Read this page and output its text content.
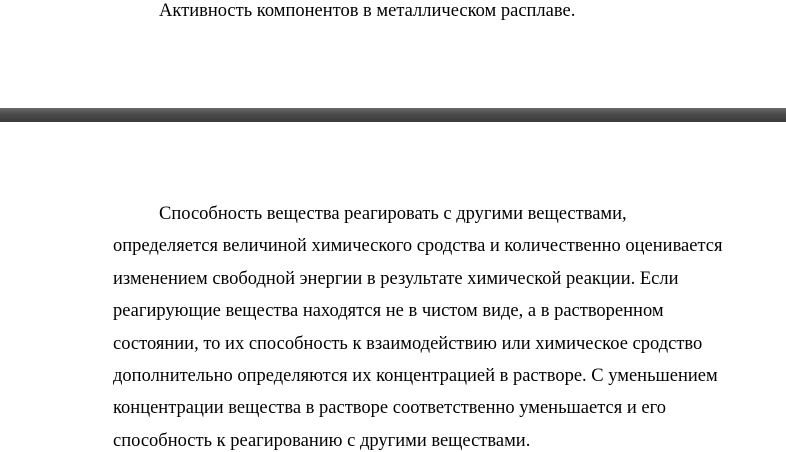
Активность компонентов в металлическом расплаве.

Способность вещества реагировать с другими веществами,
определяется величиной химического сродства и количественно оценивается
изменением свободной энергии в результате химической реакции. Если
реагирующие вещества находятся не в чистом виде, а в растворенном
состоянии, то их способность к взаимодействию или химическое сродство
дополнительно определяются их концентрацией в растворе. С уменьшением
концентрации вещества в растворе соответственно уменьшается и его
способность к реагированию с другими веществами.
